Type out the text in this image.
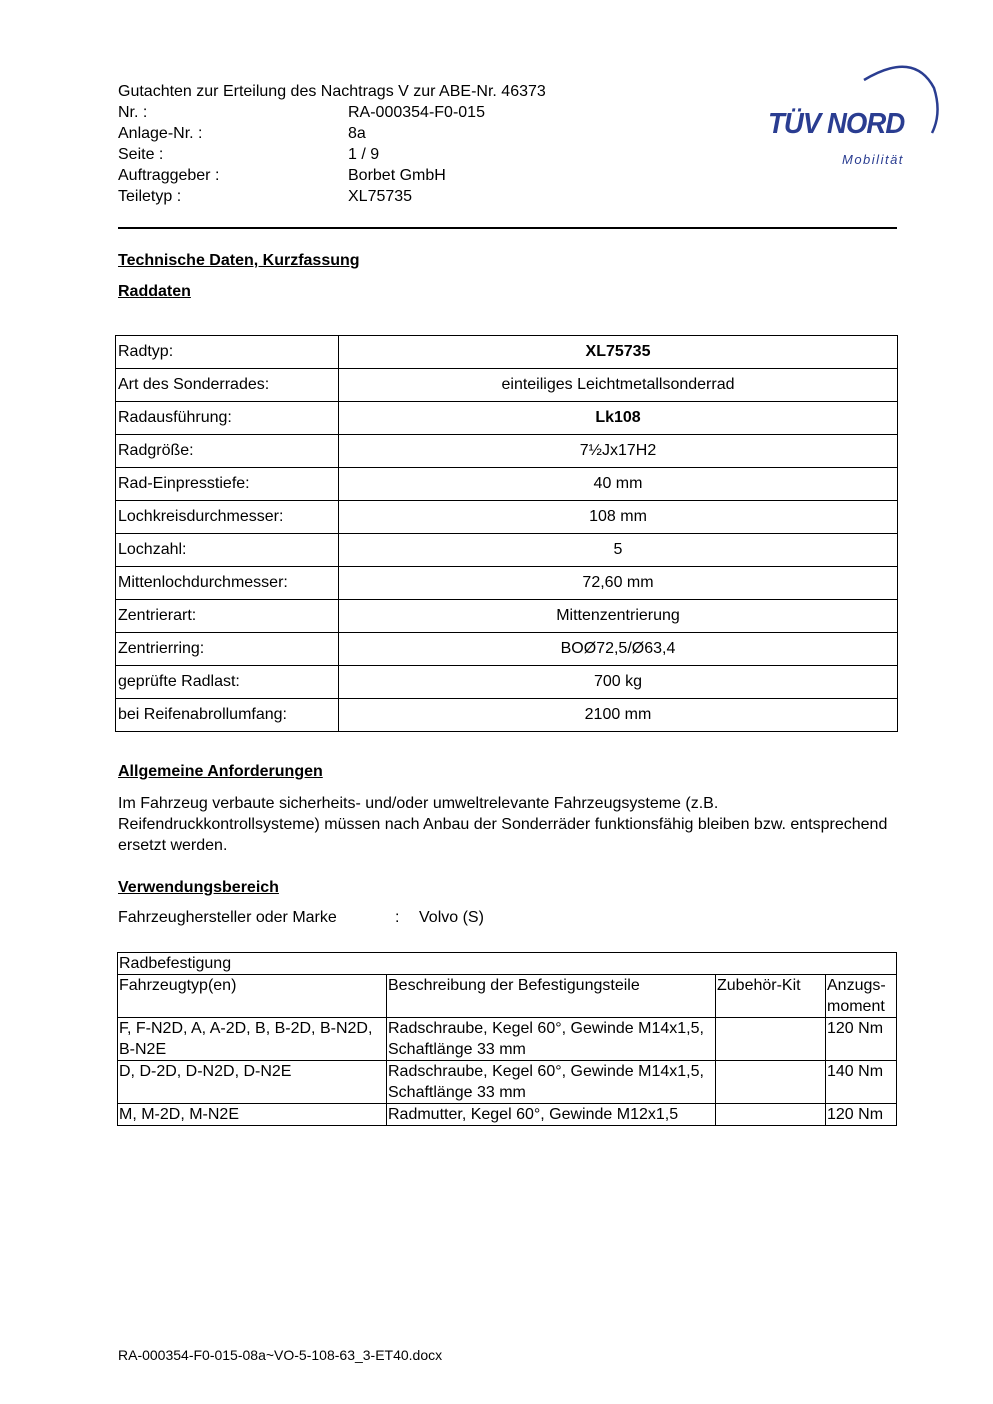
Gutachten zur Erteilung des Nachtrags V zur ABE-Nr. 46373
Nr. :	RA-000354-F0-015
Anlage-Nr. :	8a
Seite :	1 / 9
Auftraggeber :	Borbet GmbH
Teiletyp :	XL75735
TÜV NORD
Mobilität
Technische Daten, Kurzfassung
Raddaten
Radtyp:	XL75735
Art des Sonderrades:	einteiliges Leichtmetallsonderrad
Radausführung:	Lk108
Radgröße:	7½Jx17H2
Rad-Einpresstiefe:	40 mm
Lochkreisdurchmesser:	108 mm
Lochzahl:	5
Mittenlochdurchmesser:	72,60 mm
Zentrierart:	Mittenzentrierung
Zentrierring:	BOØ72,5/Ø63,4
geprüfte Radlast:	700 kg
bei Reifenabrollumfang:	2100 mm
Allgemeine Anforderungen
Im Fahrzeug verbaute sicherheits- und/oder umweltrelevante Fahrzeugsysteme (z.B. Reifendruckkontrollsysteme) müssen nach Anbau der Sonderräder funktionsfähig bleiben bzw. entsprechend ersetzt werden.
Verwendungsbereich
Fahrzeughersteller oder Marke	: Volvo (S)
Radbefestigung			
Fahrzeugtyp(en)	Beschreibung der Befestigungsteile	Zubehör-Kit	Anzugs-moment
F, F-N2D, A, A-2D, B, B-2D, B-N2D, B-N2E	Radschraube, Kegel 60°, Gewinde M14x1,5, Schaftlänge 33 mm		120 Nm
D, D-2D, D-N2D, D-N2E	Radschraube, Kegel 60°, Gewinde M14x1,5, Schaftlänge 33 mm		140 Nm
M, M-2D, M-N2E	Radmutter, Kegel 60°, Gewinde M12x1,5		120 Nm
RA-000354-F0-015-08a~VO-5-108-63_3-ET40.docx
